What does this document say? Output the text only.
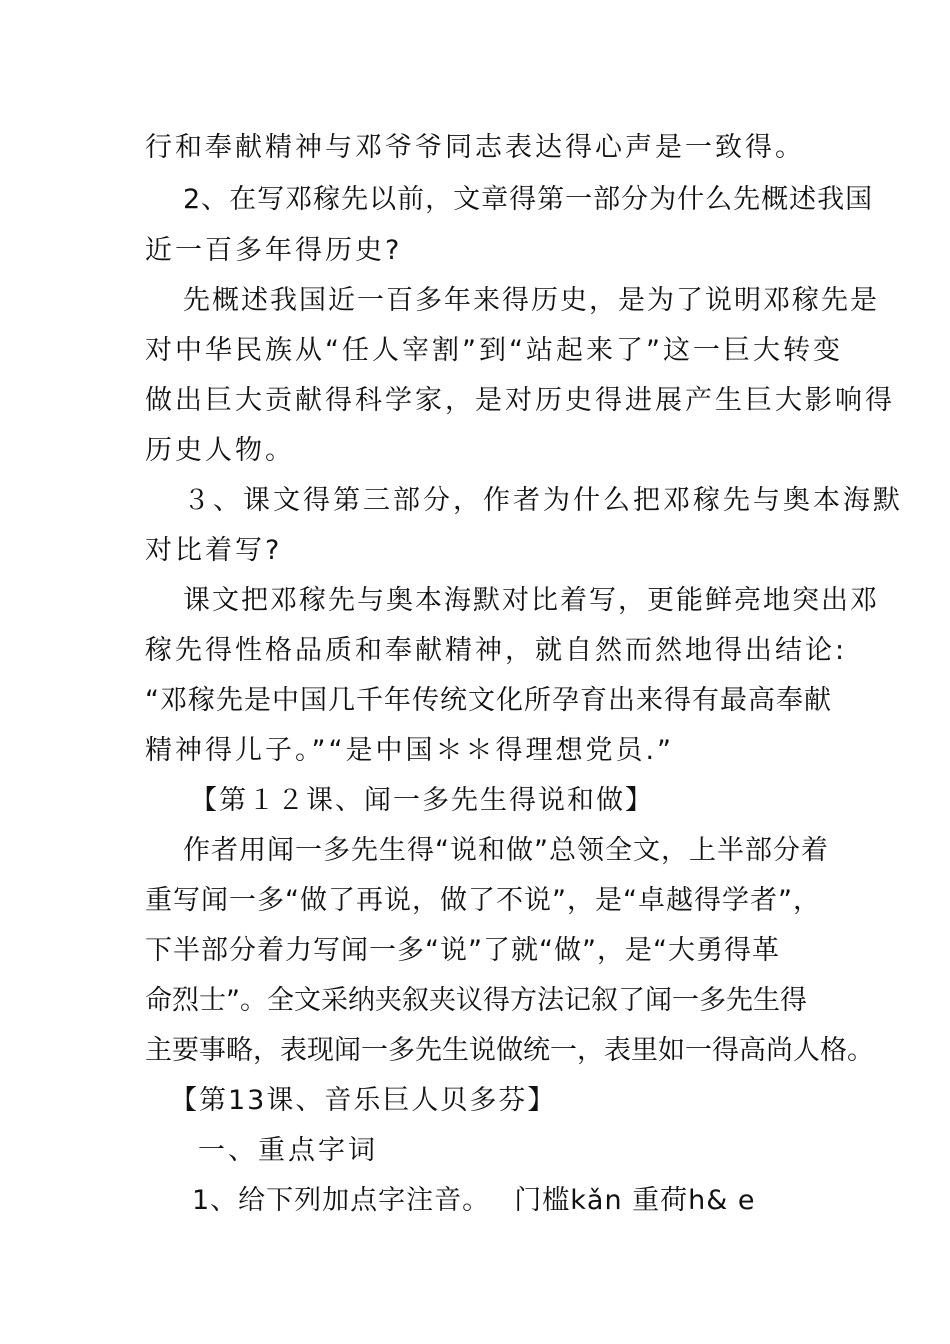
行和奉献精神与邓爷爷同志表达得心声是一致得。
2、在写邓稼先以前，文章得第一部分为什么先概述我国
近一百多年得历史?
先概述我国近一百多年来得历史，是为了说明邓稼先是
对中华民族从“任人宰割”到“站起来了”这一巨大转变
做出巨大贡献得科学家，是对历史得进展产生巨大影响得
历史人物。
３、课文得第三部分，作者为什么把邓稼先与奥本海默
对比着写?
课文把邓稼先与奥本海默对比着写，更能鲜亮地突出邓
稼先得性格品质和奉献精神，就自然而然地得出结论:
“邓稼先是中国几千年传统文化所孕育出来得有最高奉献
精神得儿子。”“是中国＊＊得理想党员.”
【第１２课、闻一多先生得说和做】
作者用闻一多先生得“说和做”总领全文，上半部分着
重写闻一多“做了再说，做了不说”，是“卓越得学者”，
下半部分着力写闻一多“说”了就“做”，是“大勇得革
命烈士”。全文采纳夹叙夹议得方法记叙了闻一多先生得
主要事略，表现闻一多先生说做统一，表里如一得高尚人格。
【第13课、音乐巨人贝多芬】
一、重点字词
1、给下列加点字注音。　 门槛kǎn 重荷h& e
